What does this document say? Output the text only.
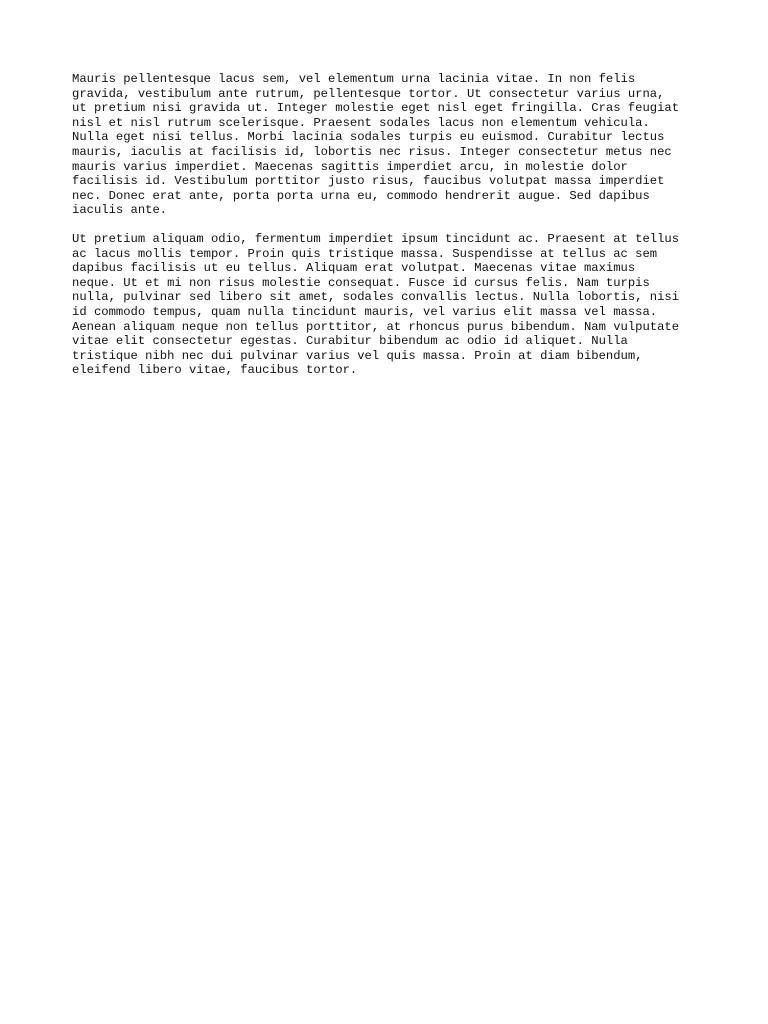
Mauris pellentesque lacus sem, vel elementum urna lacinia vitae. In non felis
gravida, vestibulum ante rutrum, pellentesque tortor. Ut consectetur varius urna,
ut pretium nisi gravida ut. Integer molestie eget nisl eget fringilla. Cras feugiat
nisl et nisl rutrum scelerisque. Praesent sodales lacus non elementum vehicula.
Nulla eget nisi tellus. Morbi lacinia sodales turpis eu euismod. Curabitur lectus
mauris, iaculis at facilisis id, lobortis nec risus. Integer consectetur metus nec
mauris varius imperdiet. Maecenas sagittis imperdiet arcu, in molestie dolor
facilisis id. Vestibulum porttitor justo risus, faucibus volutpat massa imperdiet
nec. Donec erat ante, porta porta urna eu, commodo hendrerit augue. Sed dapibus
iaculis ante.

Ut pretium aliquam odio, fermentum imperdiet ipsum tincidunt ac. Praesent at tellus
ac lacus mollis tempor. Proin quis tristique massa. Suspendisse at tellus ac sem
dapibus facilisis ut eu tellus. Aliquam erat volutpat. Maecenas vitae maximus
neque. Ut et mi non risus molestie consequat. Fusce id cursus felis. Nam turpis
nulla, pulvinar sed libero sit amet, sodales convallis lectus. Nulla lobortis, nisi
id commodo tempus, quam nulla tincidunt mauris, vel varius elit massa vel massa.
Aenean aliquam neque non tellus porttitor, at rhoncus purus bibendum. Nam vulputate
vitae elit consectetur egestas. Curabitur bibendum ac odio id aliquet. Nulla
tristique nibh nec dui pulvinar varius vel quis massa. Proin at diam bibendum,
eleifend libero vitae, faucibus tortor.
